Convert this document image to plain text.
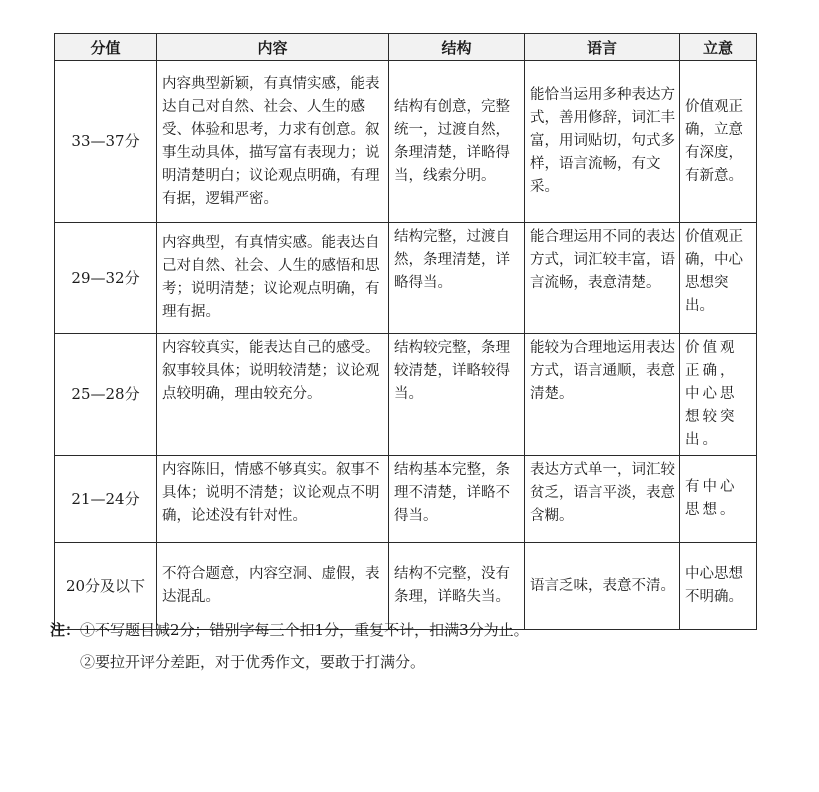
分值	内容	结构	语言	立意
33—37分	内容典型新颖，有真情实感，能表达自己对自然、社会、人生的感受、体验和思考，力求有创意。叙事生动具体，描写富有表现力；说明清楚明白；议论观点明确，有理有据，逻辑严密。	结构有创意，完整统一，过渡自然，条理清楚，详略得当，线索分明。	能恰当运用多种表达方式，善用修辞，词汇丰富，用词贴切，句式多样，语言流畅，有文采。	价值观正确，立意有深度，有新意。
29—32分	内容典型，有真情实感。能表达自己对自然、社会、人生的感悟和思考；说明清楚；议论观点明确，有理有据。	结构完整，过渡自然，条理清楚，详略得当。	能合理运用不同的表达方式，词汇较丰富，语言流畅，表意清楚。	价值观正确，中心思想突出。
25—28分	内容较真实，能表达自己的感受。叙事较具体；说明较清楚；议论观点较明确，理由较充分。	结构较完整，条理较清楚，详略较得当。	能较为合理地运用表达方式，语言通顺，表意清楚。	价值观正确，中心思想较突出。
21—24分	内容陈旧，情感不够真实。叙事不具体；说明不清楚；议论观点不明确，论述没有针对性。	结构基本完整，条理不清楚，详略不得当。	表达方式单一，词汇较贫乏，语言平淡，表意含糊。	有中心思想。
20分及以下	不符合题意，内容空洞、虚假，表达混乱。	结构不完整，没有条理，详略失当。	语言乏味，表意不清。	中心思想不明确。
注：①不写题目减2分；错别字每三个扣1分，重复不计，扣满3分为止。
②要拉开评分差距，对于优秀作文，要敢于打满分。
